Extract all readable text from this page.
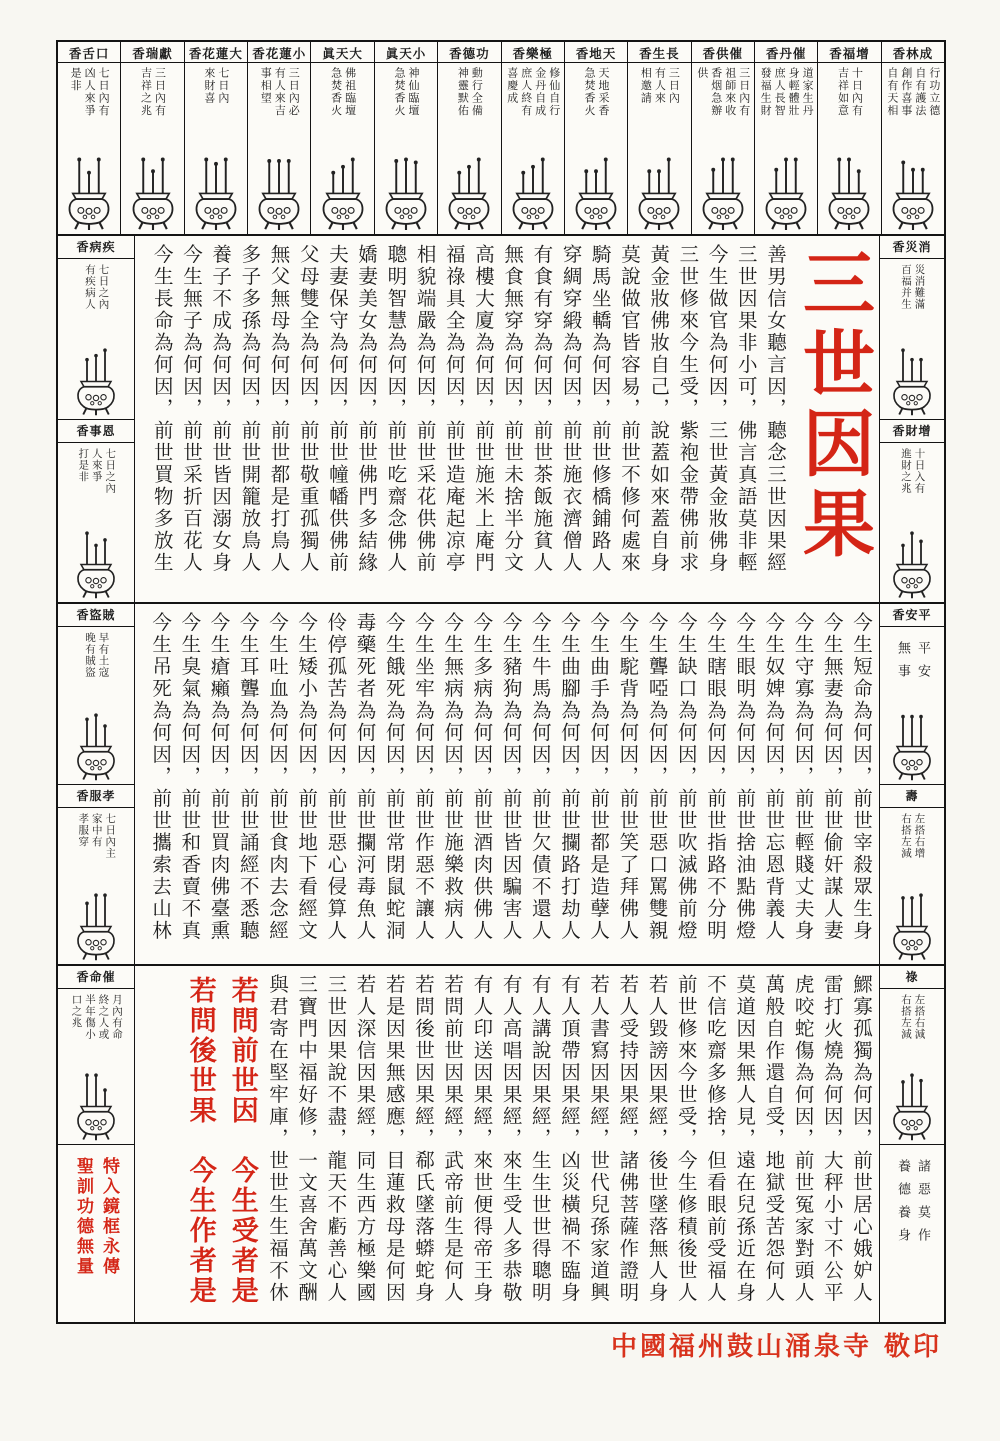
香舌口
七日內有
凶人來爭
是非
香瑞獻
三日內有
吉祥之兆
香花蓮大
七日內
來財喜
香花蓮小
三日內必
有人來吉
事相望
眞天大
佛祖臨壇
急焚香火
眞天小
神仙臨壇
急焚香火
香德功
動行全備
神靈默佑
香樂極
修仙自行
金丹自成
庶人終有
喜慶成
香地天
天地采香
急焚香火
香生長
三日內
有人來
相邀請
香供催
三日內有
祖師來收
香烟急辦
供
香丹催
道家生丹
身輕體壯
庶人長智
發福生財
香福增
十日內有
吉祥如意
香林成
行功立德
自有護法
創作喜事
自有天相
香病疾
七日之內
有疾病人
香事恩
七日之內
人來爭
打是非	三世因果
善男信女聽言因，聽念三世因果經
三世因果非小可，佛言真語莫非輕
今生做官為何因，三世黃金妝佛身
三世修來今生受，紫袍金帶佛前求
黃金妝佛妝自己，說蓋如來蓋自身
莫說做官皆容易，前世不修何處來
騎馬坐轎為何因，前世修橋鋪路人
穿綢穿緞為何因，前世施衣濟僧人
有食有穿為何因，前世茶飯施貧人
無食無穿為何因，前世未捨半分文
高樓大廈為何因，前世施米上庵門
福祿具全為何因，前世造庵起凉亭
相貌端嚴為何因，前世采花供佛前
聰明智慧為何因，前世吃齋念佛人
嬌妻美女為何因，前世佛門多結緣
夫妻保守為何因，前世幢幡供佛前
父母雙全為何因，前世敬重孤獨人
無父無母為何因，前世都是打鳥人
多子多孫為何因，前世開籠放鳥人
養子不成為何因，前世皆因溺女身
今生無子為何因，前世采折百花人
今生長命為何因，前世買物多放生	香災消
災消難滿
百福并生
香財增
十日入有
進財之兆
香盜賊
早有土寇
晚有賊盜
香服孝
七日內主
家中有
孝服穿	今生短命為何因，前世宰殺眾生身
今生無妻為何因，前世偷奸謀人妻
今生守寡為何因，前世輕賤丈夫身
今生奴婢為何因，前世忘恩背義人
今生眼明為何因，前世捨油點佛燈
今生瞎眼為何因，前世指路不分明
今生缺口為何因，前世吹滅佛前燈
今生聾啞為何因，前世惡口罵雙親
今生駝背為何因，前世笑了拜佛人
今生曲手為何因，前世都是造孽人
今生曲腳為何因，前世攔路打劫人
今生牛馬為何因，前世欠債不還人
今生豬狗為何因，前世皆因騙害人
今生多病為何因，前世酒肉供佛人
今生無病為何因，前世施樂救病人
今生坐牢為何因，前世作惡不讓人
今生餓死為何因，前世常閉鼠蛇洞
毒藥死者為何因，前世攔河毒魚人
伶停孤苦為何因，前世惡心侵算人
今生矮小為何因，前世地下看經文
今生吐血為何因，前世食肉去念經
今生耳聾為何因，前世誦經不悉聽
今生瘡癩為何因，前世買肉佛臺熏
今生臭氣為何因，前世和香賣不真
今生吊死為何因，前世攜索去山林	香安平
平安
無事
壽
左搭右增
右搭左減
香命催
月內有命
終之人或
半年傷小
口之兆
特入鏡框永傳
聖訓功德無量	鰥寡孤獨為何因，前世居心娥妒人
雷打火燒為何因，大秤小寸不公平
虎咬蛇傷為何因，前世冤家對頭人
萬般自作還自受，地獄受苦怨何人
莫道因果無人見，遠在兒孫近在身
不信吃齋多修捨，但看眼前受福人
前世修來今世受，今生修積後世人
若人毀謗因果經，後世墜落無人身
若人受持因果經，諸佛菩薩作證明
若人書寫因果經，世代兒孫家道興
有人頂帶因果經，凶災橫禍不臨身
有人講說因果經，生生世世得聰明
有人高唱因果經，來生受人多恭敬
有人印送因果經，來世便得帝王身
若問前世因果經，武帝前生是何人
若問後世因果經，郗氏墜落蟒蛇身
若是因果無感應，目蓮救母是何因
若人深信因果經，同生西方極樂國
三世因果說不盡，龍天不虧善心人
三寶門中福好修，一文喜舍萬文酬
與君寄在堅牢庫，世世生生福不休
若問前世因　今生受者是
若問後世果　今生作者是	祿
左搭右減
右搭左減
諸惡莫作
養德養身
中國福州鼓山涌泉寺 敬印
